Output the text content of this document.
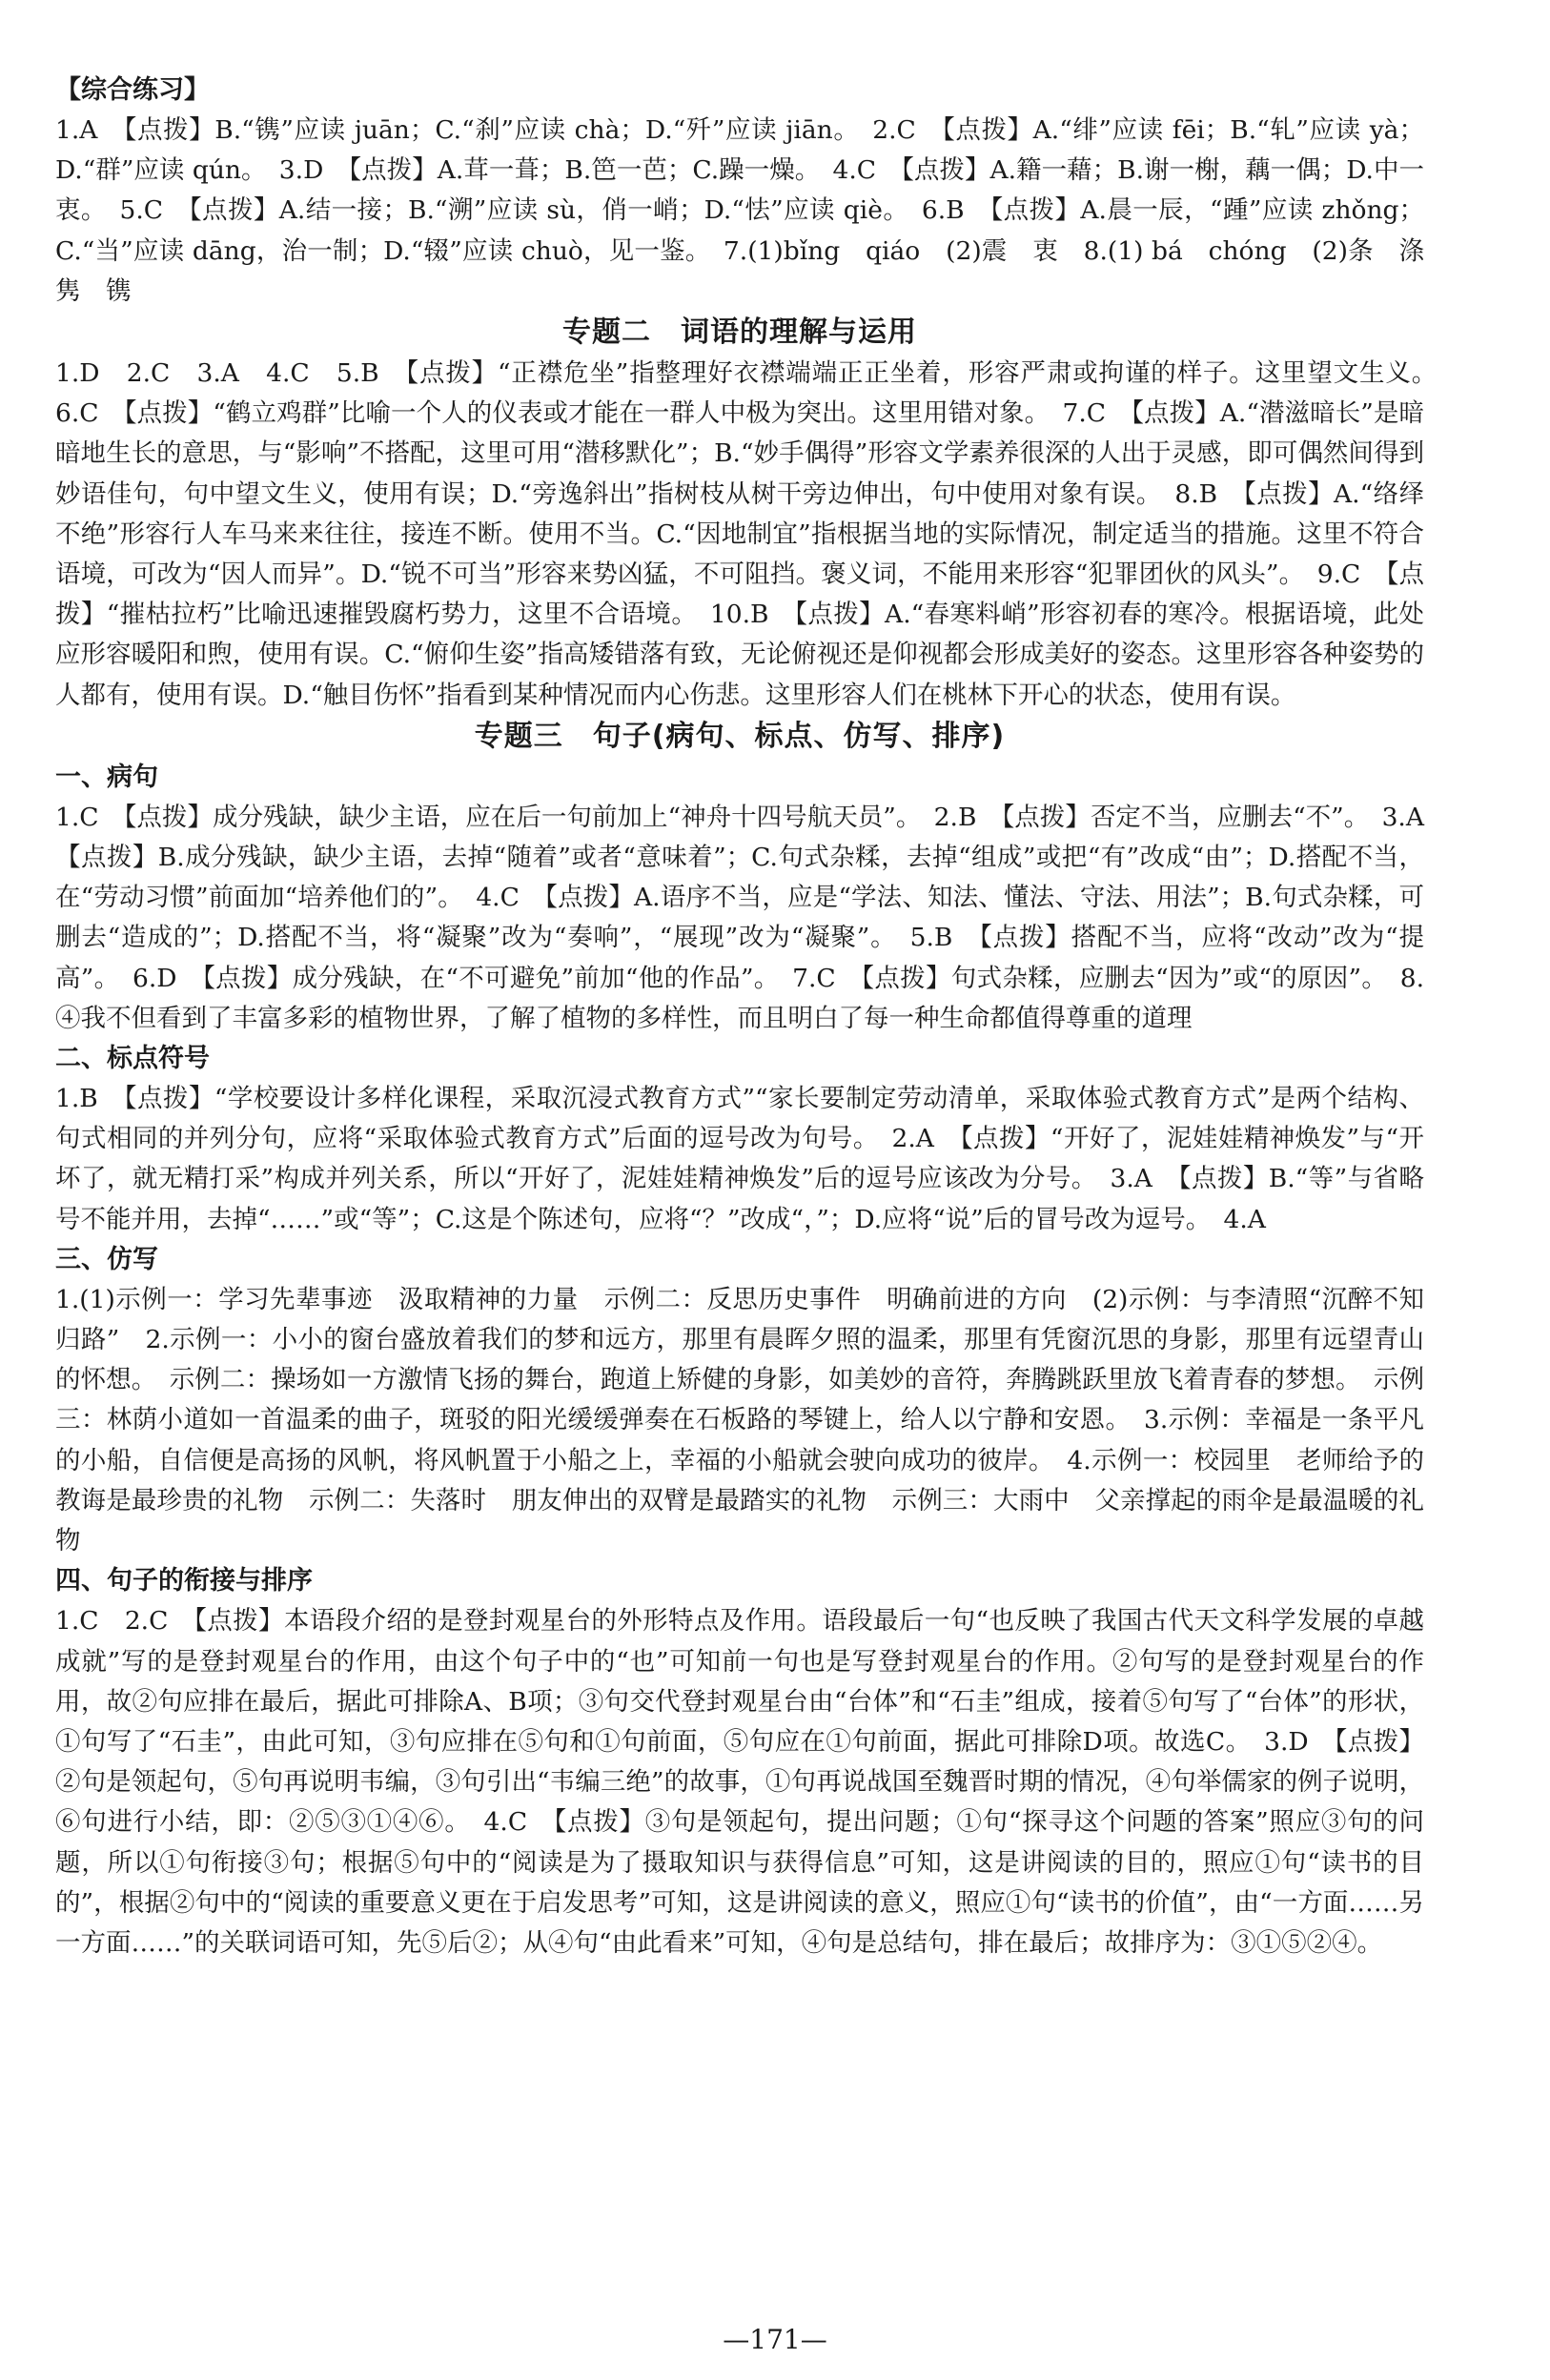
【综合练习】

1.A　【点拨】B.“镌”应读 juān；C.“刹”应读 chà；D.“歼”应读 jiān。　2.C　【点拨】A.“绯”应读 fēi；B.“轧”应读 yà；D.“群”应读 qún。　3.D　【点拨】A.茸一葺；B.笆一芭；C.躁一燥。　4.C　【点拨】A.籍一藉；B.谢一榭，藕一偶；D.中一衷。　5.C　【点拨】A.结一接；B.“溯”应读 sù，俏一峭；D.“怯”应读 qiè。　6.B　【点拨】A.晨一辰，“踵”应读 zhǒng；C.“当”应读 dāng，治一制；D.“辍”应读 chuò，见一鉴。　7.(1)bǐng　qiáo　(2)震　衷　8.(1) bá　chóng　(2)条　涤　隽　镌

专题二　词语的理解与运用

1.D　2.C　3.A　4.C　5.B　【点拨】“正襟危坐”指整理好衣襟端端正正坐着，形容严肃或拘谨的样子。这里望文生义。　6.C　【点拨】“鹤立鸡群”比喻一个人的仪表或才能在一群人中极为突出。这里用错对象。　7.C　【点拨】A.“潜滋暗长”是暗暗地生长的意思，与“影响”不搭配，这里可用“潜移默化”；B.“妙手偶得”形容文学素养很深的人出于灵感，即可偶然间得到妙语佳句，句中望文生义，使用有误；D.“旁逸斜出”指树枝从树干旁边伸出，句中使用对象有误。　8.B　【点拨】A.“络绎不绝”形容行人车马来来往往，接连不断。使用不当。C.“因地制宜”指根据当地的实际情况，制定适当的措施。这里不符合语境，可改为“因人而异”。D.“锐不可当”形容来势凶猛，不可阻挡。褒义词，不能用来形容“犯罪团伙的风头”。　9.C　【点拨】“摧枯拉朽”比喻迅速摧毁腐朽势力，这里不合语境。　10.B　【点拨】A.“春寒料峭”形容初春的寒冷。根据语境，此处应形容暖阳和煦，使用有误。C.“俯仰生姿”指高矮错落有致，无论俯视还是仰视都会形成美好的姿态。这里形容各种姿势的人都有，使用有误。D.“触目伤怀”指看到某种情况而内心伤悲。这里形容人们在桃林下开心的状态，使用有误。

专题三　句子(病句、标点、仿写、排序)
一、病句

1.C　【点拨】成分残缺，缺少主语，应在后一句前加上“神舟十四号航天员”。　2.B　【点拨】否定不当，应删去“不”。　3.A　【点拨】B.成分残缺，缺少主语，去掉“随着”或者“意味着”；C.句式杂糅，去掉“组成”或把“有”改成“由”；D.搭配不当，在“劳动习惯”前面加“培养他们的”。　4.C　【点拨】A.语序不当，应是“学法、知法、懂法、守法、用法”；B.句式杂糅，可删去“造成的”；D.搭配不当，将“凝聚”改为“奏响”，“展现”改为“凝聚”。　5.B　【点拨】搭配不当，应将“改动”改为“提高”。　6.D　【点拨】成分残缺，在“不可避免”前加“他的作品”。　7.C　【点拨】句式杂糅，应删去“因为”或“的原因”。　8.④我不但看到了丰富多彩的植物世界，了解了植物的多样性，而且明白了每一种生命都值得尊重的道理

二、标点符号

1.B　【点拨】“学校要设计多样化课程，采取沉浸式教育方式”“家长要制定劳动清单，采取体验式教育方式”是两个结构、句式相同的并列分句，应将“采取体验式教育方式”后面的逗号改为句号。　2.A　【点拨】“开好了，泥娃娃精神焕发”与“开坏了，就无精打采”构成并列关系，所以“开好了，泥娃娃精神焕发”后的逗号应该改为分号。　3.A　【点拨】B.“等”与省略号不能并用，去掉“……”或“等”；C.这是个陈述句，应将“？”改成“，”；D.应将“说”后的冒号改为逗号。　4.A

三、仿写

1.(1)示例一：学习先辈事迹　汲取精神的力量　示例二：反思历史事件　明确前进的方向　(2)示例：与李清照“沉醉不知归路”　2.示例一：小小的窗台盛放着我们的梦和远方，那里有晨晖夕照的温柔，那里有凭窗沉思的身影，那里有远望青山的怀想。　示例二：操场如一方激情飞扬的舞台，跑道上矫健的身影，如美妙的音符，奔腾跳跃里放飞着青春的梦想。　示例三：林荫小道如一首温柔的曲子，斑驳的阳光缓缓弹奏在石板路的琴键上，给人以宁静和安恩。　3.示例：幸福是一条平凡的小船，自信便是高扬的风帆，将风帆置于小船之上，幸福的小船就会驶向成功的彼岸。　4.示例一：校园里　老师给予的教诲是最珍贵的礼物　示例二：失落时　朋友伸出的双臂是最踏实的礼物　示例三：大雨中　父亲撑起的雨伞是最温暖的礼物

四、句子的衔接与排序

1.C　2.C　【点拨】本语段介绍的是登封观星台的外形特点及作用。语段最后一句“也反映了我国古代天文科学发展的卓越成就”写的是登封观星台的作用，由这个句子中的“也”可知前一句也是写登封观星台的作用。②句写的是登封观星台的作用，故②句应排在最后，据此可排除A、B项；③句交代登封观星台由“台体”和“石圭”组成，接着⑤句写了“台体”的形状，①句写了“石圭”，由此可知，③句应排在⑤句和①句前面，⑤句应在①句前面，据此可排除D项。故选C。　3.D　【点拨】②句是领起句，⑤句再说明韦编，③句引出“韦编三绝”的故事，①句再说战国至魏晋时期的情况，④句举儒家的例子说明，⑥句进行小结，即：②⑤③①④⑥。　4.C　【点拨】③句是领起句，提出问题；①句“探寻这个问题的答案”照应③句的问题，所以①句衔接③句；根据⑤句中的“阅读是为了摄取知识与获得信息”可知，这是讲阅读的目的，照应①句“读书的目的”，根据②句中的“阅读的重要意义更在于启发思考”可知，这是讲阅读的意义，照应①句“读书的价值”，由“一方面……另一方面……”的关联词语可知，先⑤后②；从④句“由此看来”可知，④句是总结句，排在最后；故排序为：③①⑤②④。

—171—
